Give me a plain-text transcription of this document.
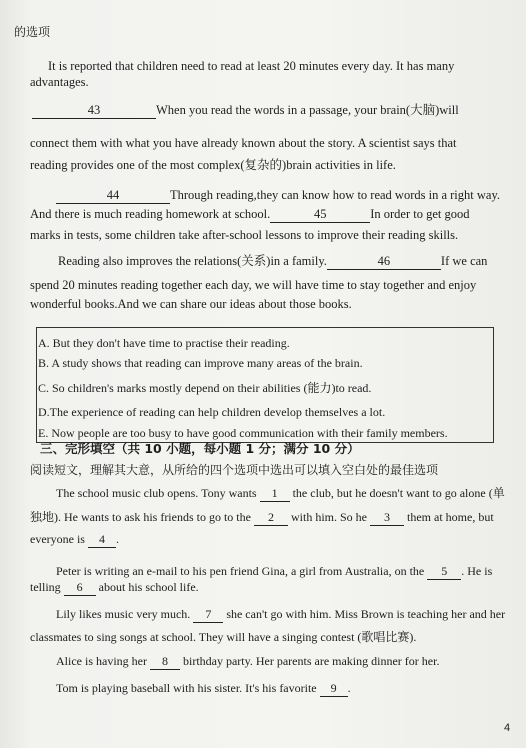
的选项
It is reported that children need to read at least 20 minutes every day. It has many
advantages.
43	When you read the words in a passage, your brain(大脑)will
connect them with what you have already known about the story. A scientist says that
reading provides one of the most complex(复杂的)brain activities in life.
44	Through reading,they can know how to read words in a right way.
And there is much reading homework at school.	45	In order to get good
marks in tests, some children take after-school lessons to improve their reading skills.
Reading also improves the relations(关系)in a family.	46	If we can
spend 20 minutes reading together each day, we will have time to stay together and enjoy
wonderful books.And we can share our ideas about those books.
A. But they don't have time to practise their reading.
B. A study shows that reading can improve many areas of the brain.
C. So children's marks mostly depend on their abilities (能力)to read.
D.The experience of reading can help children develop themselves a lot.
E. Now people are too busy to have good communication with their family members.
三、完形填空（共 10 小题，每小题 1 分；满分 10 分）
阅读短文，理解其大意，从所给的四个选项中选出可以填入空白处的最佳选项
The school music club opens. Tony wants 1 the club, but he doesn't want to go alone (单
独地). He wants to ask his friends to go to the 2 with him. So he 3 them at home, but
everyone is 4 .
Peter is writing an e-mail to his pen friend Gina, a girl from Australia, on the 5 . He is
telling 6 about his school life.
Lily likes music very much. 7 she can't go with him. Miss Brown is teaching her and her
classmates to sing songs at school. They will have a singing contest (歌唱比赛).
Alice is having her 8 birthday party. Her parents are making dinner for her.
Tom is playing baseball with his sister. It's his favorite 9 .
4
